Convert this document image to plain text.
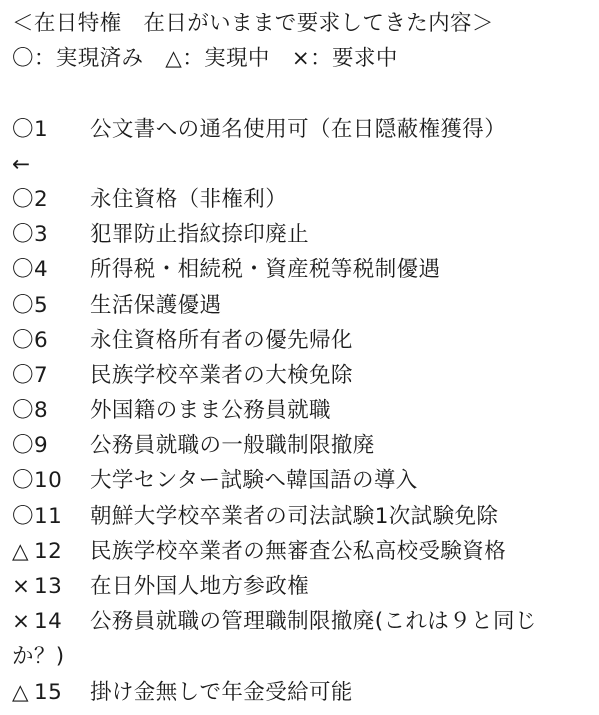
＜在日特権　在日がいままで要求してきた内容＞
〇：実現済み　△：実現中　×：要求中
〇1 公文書への通名使用可（在日隠蔽権獲得）
←
〇2 永住資格（非権利）
〇3 犯罪防止指紋捺印廃止
〇4 所得税・相続税・資産税等税制優遇
〇5 生活保護優遇
〇6 永住資格所有者の優先帰化
〇7 民族学校卒業者の大検免除
〇8 外国籍のまま公務員就職
〇9 公務員就職の一般職制限撤廃
〇10 大学センター試験へ韓国語の導入
〇11 朝鮮大学校卒業者の司法試験1次試験免除
△ 12 民族学校卒業者の無審査公私高校受験資格
× 13 在日外国人地方参政権
× 14 公務員就職の管理職制限撤廃(これは９と同じか？)
△ 15 掛け金無しで年金受給可能
